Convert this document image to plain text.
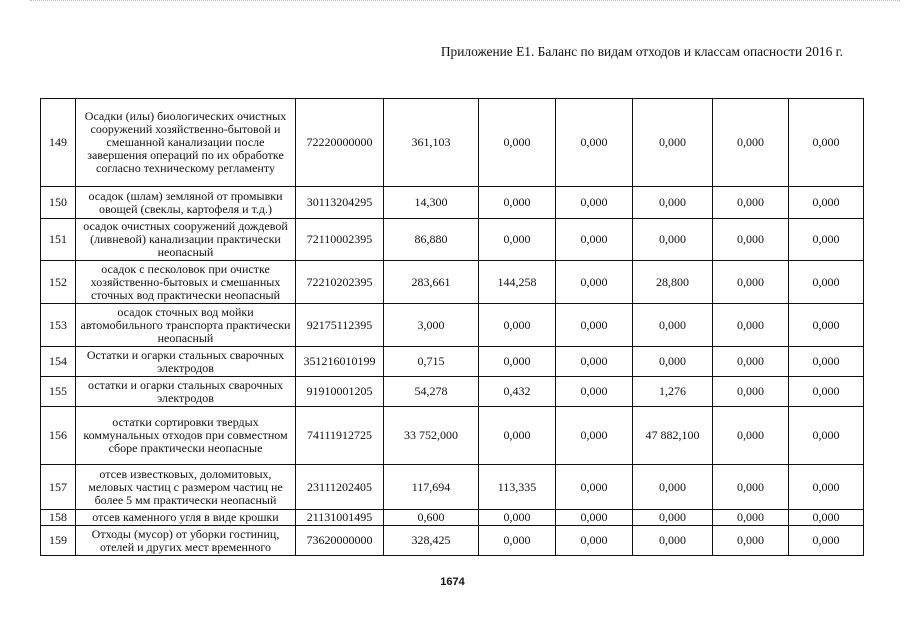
Приложение Е1. Баланс по видам отходов и классам опасности 2016 г.
149	Осадки (илы) биологических очистных сооружений хозяйственно-бытовой и смешанной канализации после завершения операций по их обработке согласно техническому регламенту	72220000000	361,103	0,000	0,000	0,000	0,000	0,000
150	осадок (шлам) земляной от промывки овощей (свеклы, картофеля и т.д.)	30113204295	14,300	0,000	0,000	0,000	0,000	0,000
151	осадок очистных сооружений дождевой (ливневой) канализации практически неопасный	72110002395	86,880	0,000	0,000	0,000	0,000	0,000
152	осадок с песколовок при очистке хозяйственно-бытовых и смешанных сточных вод практически неопасный	72210202395	283,661	144,258	0,000	28,800	0,000	0,000
153	осадок сточных вод мойки автомобильного транспорта практически неопасный	92175112395	3,000	0,000	0,000	0,000	0,000	0,000
154	Остатки и огарки стальных сварочных электродов	351216010199	0,715	0,000	0,000	0,000	0,000	0,000
155	остатки и огарки стальных сварочных электродов	91910001205	54,278	0,432	0,000	1,276	0,000	0,000
156	остатки сортировки твердых коммунальных отходов при совместном сборе практически неопасные	74111912725	33 752,000	0,000	0,000	47 882,100	0,000	0,000
157	отсев известковых, доломитовых, меловых частиц с размером частиц не более 5 мм практически неопасный	23111202405	117,694	113,335	0,000	0,000	0,000	0,000
158	отсев каменного угля в виде крошки	21131001495	0,600	0,000	0,000	0,000	0,000	0,000
159	Отходы (мусор) от уборки гостиниц, отелей и других мест временного	73620000000	328,425	0,000	0,000	0,000	0,000	0,000
1674
